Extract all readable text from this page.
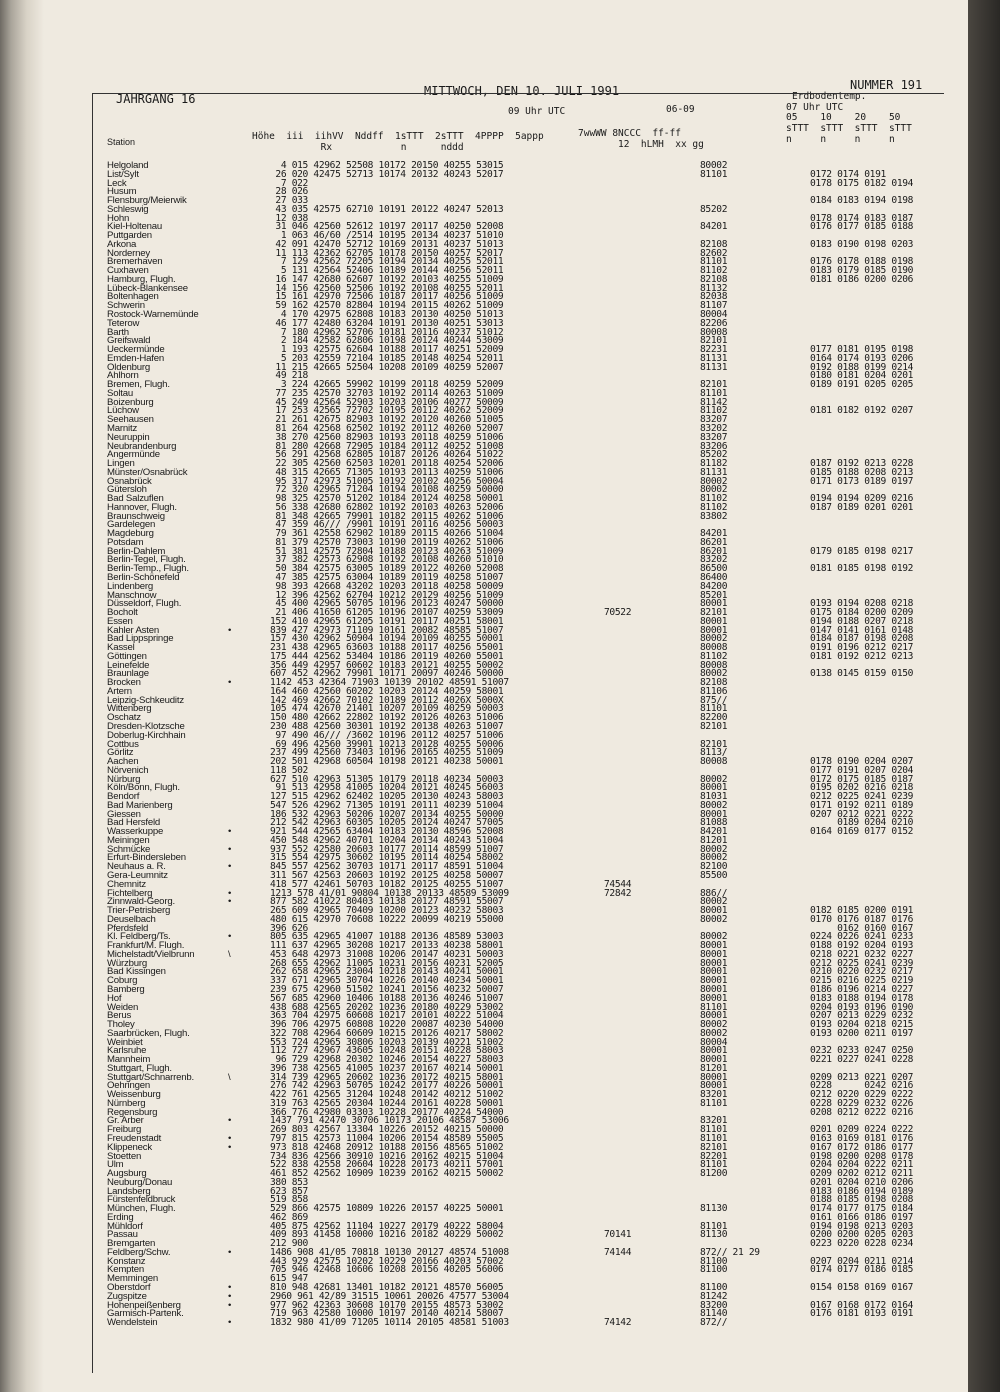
JAHRGANG 16
MITTWOCH, DEN 10. JULI 1991	NUMMER 191
Erdbodentemp.
09 Uhr UTC	06-09	07 Uhr UTC
05    10    20    50
Station	Höhe  iii  iihVV  Nddff  1sTTT  2sTTT  4PPPP  5appp
Rx            n      nddd
7wwWW 8NCCC  ff-ff
12  hLMH  xx gg
sTTT  sTTT  sTTT  sTTT
n     n     n     n
Helgoland	4 015 42962 52508 10172 20150 40255 53015	80002
List/Sylt	26 020 42475 52713 10174 20132 40243 52017	81101	0172 0174 0191
Leck	7 022	0178 0175 0182 0194
Husum	28 026
Flensburg/Meierwik	27 033	0184 0183 0194 0198
Schleswig	43 035 42575 62710 10191 20122 40247 52013	85202
Hohn	12 038	0178 0174 0183 0187
Kiel-Holtenau	31 046 42560 52612 10197 20117 40250 52008	84201	0176 0177 0185 0188
Puttgarden	1 063 46/60 /2514 10195 20134 40237 51010
Arkona	42 091 42470 52712 10169 20131 40237 51013	82108	0183 0190 0198 0203
Norderney	11 113 42362 62705 10178 20150 40257 52017	82602
Bremerhaven	7 129 42562 72205 10194 20134 40255 52011	81101	0176 0178 0188 0198
Cuxhaven	5 131 42564 52406 10189 20144 40256 52011	81102	0183 0179 0185 0190
Hamburg, Flugh.	16 147 42680 62607 10192 20103 40255 51009	82108	0181 0186 0200 0206
Lübeck-Blankensee	14 156 42560 52506 10192 20108 40255 52011	81132
Boltenhagen	15 161 42970 72506 10187 20117 40256 51009	82038
Schwerin	59 162 42570 82804 10194 20115 40262 51009	81107
Rostock-Warnemünde	4 170 42975 62808 10183 20130 40250 51013	80004
Teterow	46 177 42480 63204 10191 20130 40251 53013	82206
Barth	7 180 42962 52706 10181 20116 40237 51012	80008
Greifswald	2 184 42582 62806 10198 20124 40244 53009	82101
Ueckermünde	1 193 42575 62604 10188 20117 40251 52009	82231	0177 0181 0195 0198
Emden-Hafen	5 203 42559 72104 10185 20148 40254 52011	81131	0164 0174 0193 0206
Oldenburg	11 215 42665 52504 10208 20109 40259 52007	81131	0192 0188 0199 0214
Ahlhorn	49 218	0180 0181 0204 0201
Bremen, Flugh.	3 224 42665 59902 10199 20118 40259 52009	82101	0189 0191 0205 0205
Soltau	77 235 42570 32703 10192 20114 40263 51009	81101
Boizenburg	45 249 42564 52903 10203 20106 40277 50009	81142
Lüchow	17 253 42565 72702 10195 20112 40262 52009	81102	0181 0182 0192 0207
Seehausen	21 261 42675 82903 10192 20120 40260 51005	83207
Marnitz	81 264 42568 62502 10192 20112 40260 52007	83202
Neuruppin	38 270 42560 82903 10193 20118 40259 51006	83207
Neubrandenburg	81 280 42668 72905 10184 20112 40252 51008	83206
Angermünde	56 291 42568 62805 10187 20126 40264 51022	85202
Lingen	22 305 42560 62503 10201 20118 40254 52006	81182	0187 0192 0213 0228
Münster/Osnabrück	48 315 42665 71305 10193 20113 40259 51006	81131	0185 0188 0208 0213
Osnabrück	95 317 42973 51005 10192 20102 40256 50004	80002	0171 0173 0189 0197
Gütersloh	72 320 42965 71204 10194 20108 40259 50000	80002
Bad Salzuflen	98 325 42570 51202 10184 20124 40258 50001	81102	0194 0194 0209 0216
Hannover, Flugh.	56 338 42680 62802 10192 20103 40263 52006	81102	0187 0189 0201 0201
Braunschweig	81 348 42665 79901 10182 20115 40262 51006	83802
Gardelegen	47 359 46/// /9901 10191 20116 40256 50003
Magdeburg	79 361 42558 62902 10189 20115 40266 51004	84201
Potsdam	81 379 42570 73003 10190 20119 40262 51006	86201
Berlin-Dahlem	51 381 42575 72804 10188 20123 40263 51009	86201	0179 0185 0198 0217
Berlin-Tegel, Flugh.	37 382 42573 62908 10192 20108 40260 51010	83202
Berlin-Temp., Flugh.	50 384 42575 63005 10189 20122 40260 52008	86500	0181 0185 0198 0192
Berlin-Schönefeld	47 385 42575 63004 10189 20119 40258 51007	86400
Lindenberg	98 393 42668 43202 10203 20118 40258 50009	84200
Manschnow	12 396 42562 62704 10212 20129 40256 51009	85201
Düsseldorf, Flugh.	45 400 42965 50705 10196 20123 40247 50000	80001	0193 0194 0208 0218
Bocholt	21 406 41650 61205 10196 20107 40259 53009	70522	82101	0175 0184 0200 0209
Essen	152 410 42965 61205 10191 20117 40251 58001	80001	0194 0188 0207 0218
Kahler Asten	•	839 427 42973 71109 10161 20082 48585 51007	80001	0147 0141 0161 0148
Bad Lippspringe	157 430 42962 50904 10194 20109 40255 50001	80002	0184 0187 0198 0208
Kassel	231 438 42965 63603 10188 20117 40256 55001	80008	0191 0196 0212 0217
Göttingen	175 444 42562 53404 10186 20119 40260 55001	81102	0181 0192 0212 0213
Leinefelde	356 449 42957 60602 10183 20121 40255 50002	80008
Braunlage	607 452 42962 79901 10171 20097 40246 50000	80002	0138 0145 0159 0150
Brocken	•	1142 453 42364 71903 10139 20102 48591 51007	82108
Artern	164 460 42560 60202 10203 20124 40259 58001	81106
Leipzig-Schkeuditz	142 469 42662 70102 10189 20112 4026X 5000X	875//
Wittenberg	105 474 42670 21401 10207 20109 40259 50003	81101
Oschatz	150 480 42662 22802 10192 20126 40263 51006	82200
Dresden-Klotzsche	230 488 42560 30301 10192 20138 40263 51007	82101
Doberlug-Kirchhain	97 490 46/// /3602 10196 20112 40257 51006
Cottbus	69 496 42560 39901 10213 20128 40255 50006	82101
Görlitz	237 499 42560 73403 10196 20165 40255 51009	8113/
Aachen	202 501 42968 60504 10198 20121 40238 50001	80008	0178 0190 0204 0207
Nörvenich	118 502	0177 0191 0207 0204
Nürburg	627 510 42963 51305 10179 20118 40234 50003	80002	0172 0175 0185 0187
Köln/Bonn, Flugh.	91 513 42958 41005 10204 20121 40245 56003	80001	0195 0202 0216 0218
Bendorf	127 515 42962 62402 10205 20130 40243 58003	81031	0212 0225 0241 0239
Bad Marienberg	547 526 42962 71305 10191 20111 40239 51004	80002	0171 0192 0211 0189
Giessen	186 532 42963 50206 10207 20134 40255 50000	80001	0207 0212 0221 0222
Bad Hersfeld	212 542 42963 60305 10205 20124 40247 57005	81088	0189 0204 0210
Wasserkuppe	•	921 544 42565 63404 10183 20130 48596 52008	84201	0164 0169 0177 0152
Meiningen	450 548 42962 40701 10204 20134 40243 51004	81201
Schmücke	•	937 552 42580 20603 10177 20114 48599 51007	80002
Erfurt-Bindersleben	315 554 42975 30602 10195 20114 40254 58002	80002
Neuhaus a. R.	•	845 557 42562 30703 10171 20117 48591 51004	82100
Gera-Leumnitz	311 567 42563 20603 10192 20125 40258 50007	85500
Chemnitz	418 577 42461 50703 10182 20125 40255 51007	74544
Fichtelberg	•	1213 578 41/01 90804 10138 20133 48589 53009	72842	886//
Zinnwald-Georg.	•	877 582 41022 80403 10138 20127 48591 55007	80002
Trier-Petrisberg	265 609 42965 70409 10200 20123 40232 58003	80001	0182 0185 0200 0191
Deuselbach	480 615 42970 70608 10222 20099 40219 55000	80002	0170 0176 0187 0176
Pferdsfeld	396 626	0162 0160 0167
Kl. Feldberg/Ts.	•	805 635 42965 41007 10188 20136 48589 53003	80002	0224 0226 0241 0233
Frankfurt/M. Flugh.	111 637 42965 30208 10217 20133 40238 58001	80001	0188 0192 0204 0193
Michelstadt/Vielbrunn	\	453 648 42973 31008 10206 20147 40231 50003	80001	0218 0221 0232 0227
Würzburg	268 655 42962 11005 10231 20156 40231 52005	80001	0212 0225 0241 0239
Bad Kissingen	262 658 42965 23004 10218 20143 40241 50001	80001	0210 0220 0232 0217
Coburg	337 671 42965 30704 10226 20140 40234 50001	80001	0215 0216 0225 0219
Bamberg	239 675 42960 51502 10241 20156 40232 50007	80001	0186 0196 0214 0227
Hof	567 685 42960 10406 10188 20136 40246 51007	80001	0183 0188 0194 0178
Weiden	438 688 42565 20202 10236 20180 40229 53002	81101	0204 0193 0196 0190
Berus	363 704 42975 60608 10217 20101 40222 51004	80001	0207 0213 0229 0232
Tholey	396 706 42975 60808 10220 20087 40230 54000	80002	0193 0204 0218 0215
Saarbrücken, Flugh.	322 708 42964 60609 10215 20126 40217 58002	80002	0193 0200 0211 0197
Weinbiet	553 724 42965 30806 10203 20139 40221 51002	80004
Karlsruhe	112 727 42967 43605 10248 20151 40228 58003	80001	0232 0233 0247 0250
Mannheim	96 729 42968 20302 10246 20154 40227 58003	80001	0221 0227 0241 0228
Stuttgart, Flugh.	396 738 42565 41005 10237 20167 40214 50001	81201
Stuttgart/Schnarrenb.	\	314 739 42965 20602 10236 20172 40215 58001	80001	0209 0213 0221 0207
Oehringen	276 742 42963 50705 10242 20177 40226 50001	80001	0228      0242 0216
Weissenburg	422 761 42565 31204 10248 20142 40212 51002	83201	0212 0220 0229 0222
Nürnberg	319 763 42565 20304 10244 20161 40228 50001	81101	0228 0229 0232 0226
Regensburg	366 776 42980 03303 10228 20177 40224 54000	0208 0212 0222 0216
Gr. Arber	•	1437 791 42470 30706 10173 20106 48587 53006	83201
Freiburg	269 803 42567 13304 10226 20152 40215 50000	81101	0201 0209 0224 0222
Freudenstadt	•	797 815 42573 11004 10206 20154 48589 55005	81101	0163 0169 0181 0176
Klippeneck	•	973 818 42468 20912 10188 20156 48565 51002	82101	0167 0172 0186 0177
Stoetten	734 836 42566 30910 10216 20162 40215 51004	82201	0198 0200 0208 0178
Ulm	522 838 42558 20604 10228 20173 40211 57001	81101	0204 0204 0222 0211
Augsburg	461 852 42562 10909 10239 20162 40215 50002	81200	0209 0202 0212 0211
Neuburg/Donau	380 853	0201 0204 0210 0206
Landsberg	623 857	0183 0186 0194 0189
Fürstenfeldbruck	519 858	0188 0185 0198 0208
München, Flugh.	529 866 42575 10809 10226 20157 40225 50001	81130	0174 0177 0175 0184
Erding	462 869	0161 0166 0186 0197
Mühldorf	405 875 42562 11104 10227 20179 40222 58004	81101	0194 0198 0213 0203
Passau	409 893 41458 10000 10216 20182 40229 50002	70141	81130	0200 0200 0205 0203
Bremgarten	212 900	0223 0220 0228 0234
Feldberg/Schw.	•	1486 908 41/05 70818 10130 20127 48574 51008	74144	872// 21 29
Konstanz	443 929 42575 10202 10229 20166 40203 57002	81100	0207 0204 0211 0214
Kempten	705 946 42468 10606 10208 20156 40205 56006	81100	0174 0177 0186 0185
Memmingen	615 947
Oberstdorf	•	810 948 42681 13401 10182 20121 48570 56005	81100	0154 0158 0169 0167
Zugspitze	•	2960 961 42/89 31515 10061 20026 47577 53004	81242
Hohenpeißenberg	•	977 962 42363 30608 10170 20155 48573 53002	83200	0167 0168 0172 0164
Garmisch-Partenk.	719 963 42580 10000 10197 20140 40214 58007	81140	0176 0181 0193 0191
Wendelstein	•	1832 980 41/09 71205 10114 20105 48581 51003	74142	872//
